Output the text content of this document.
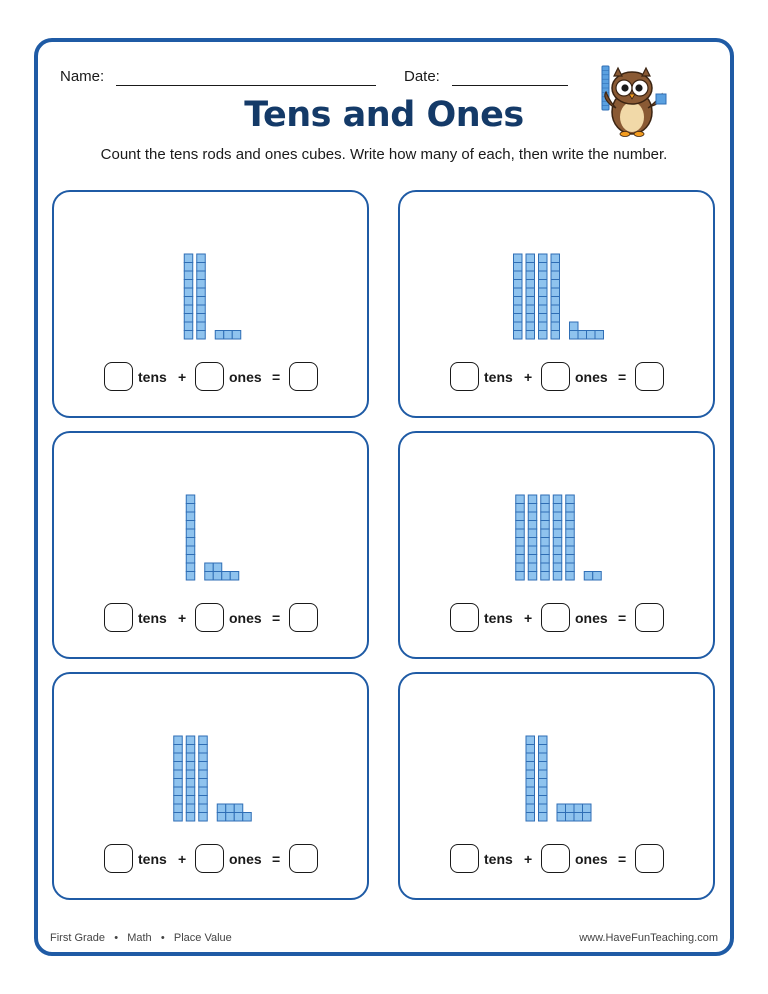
Name:	Date:
Tens and Ones
Count the tens rods and ones cubes. Write how many of each, then write the number.
tens +	ones =	tens +	ones =
tens +	ones =	tens +	ones =
tens +	ones =	tens +	ones =
First Grade   •   Math   •   Place Value	www.HaveFunTeaching.com
